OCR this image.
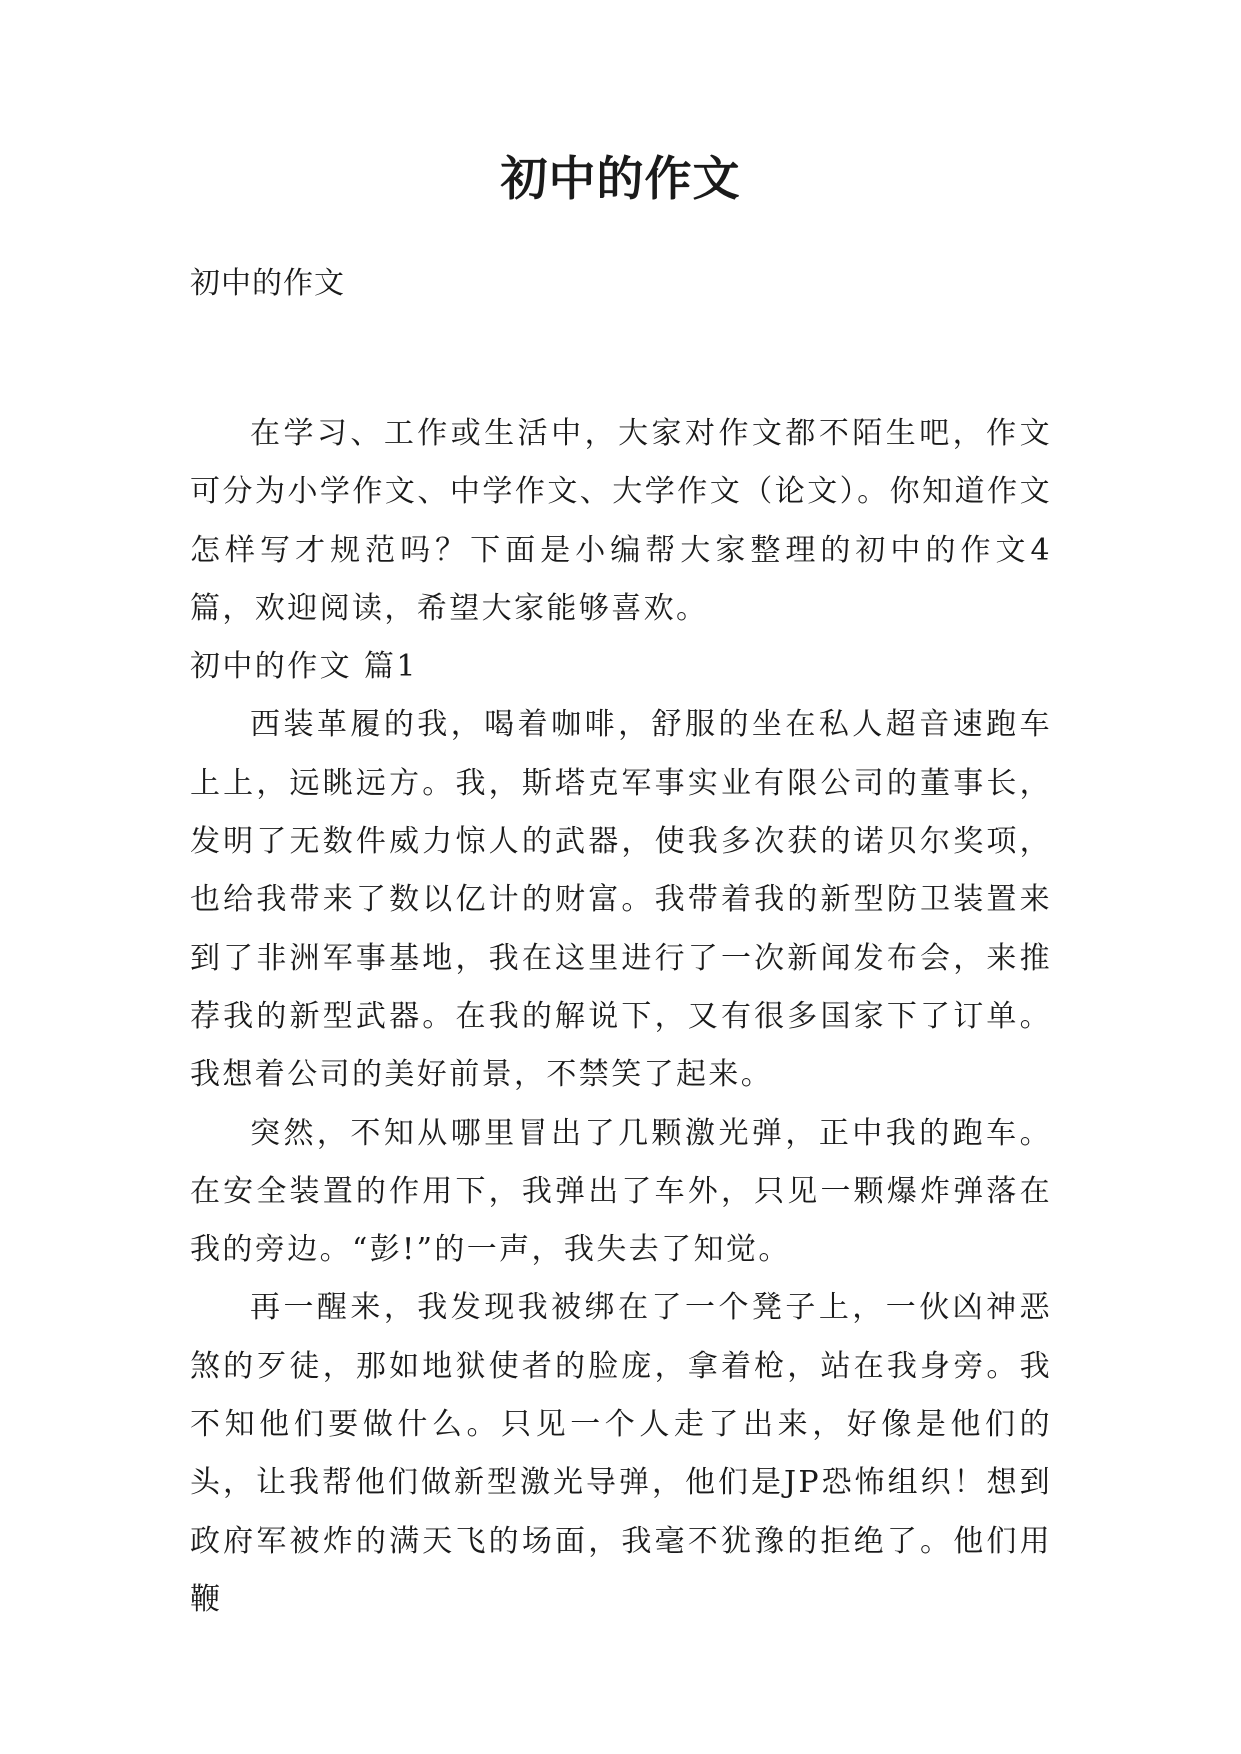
初中的作文
初中的作文

在学习、工作或生活中，大家对作文都不陌生吧，作文可分为小学作文、中学作文、大学作文（论文）。你知道作文怎样写才规范吗？下面是小编帮大家整理的初中的作文4篇，欢迎阅读，希望大家能够喜欢。

初中的作文 篇1

西装革履的我，喝着咖啡，舒服的坐在私人超音速跑车上上，远眺远方。我，斯塔克军事实业有限公司的董事长，发明了无数件威力惊人的武器，使我多次获的诺贝尔奖项，也给我带来了数以亿计的财富。我带着我的新型防卫装置来到了非洲军事基地，我在这里进行了一次新闻发布会，来推荐我的新型武器。在我的解说下，又有很多国家下了订单。我想着公司的美好前景，不禁笑了起来。

突然，不知从哪里冒出了几颗激光弹，正中我的跑车。在安全装置的作用下，我弹出了车外，只见一颗爆炸弹落在我的旁边。“彭!”的一声，我失去了知觉。

再一醒来，我发现我被绑在了一个凳子上，一伙凶神恶煞的歹徒，那如地狱使者的脸庞，拿着枪，站在我身旁。我不知他们要做什么。只见一个人走了出来，好像是他们的头，让我帮他们做新型激光导弹，他们是JP恐怖组织！想到政府军被炸的满天飞的场面，我毫不犹豫的拒绝了。他们用鞭
